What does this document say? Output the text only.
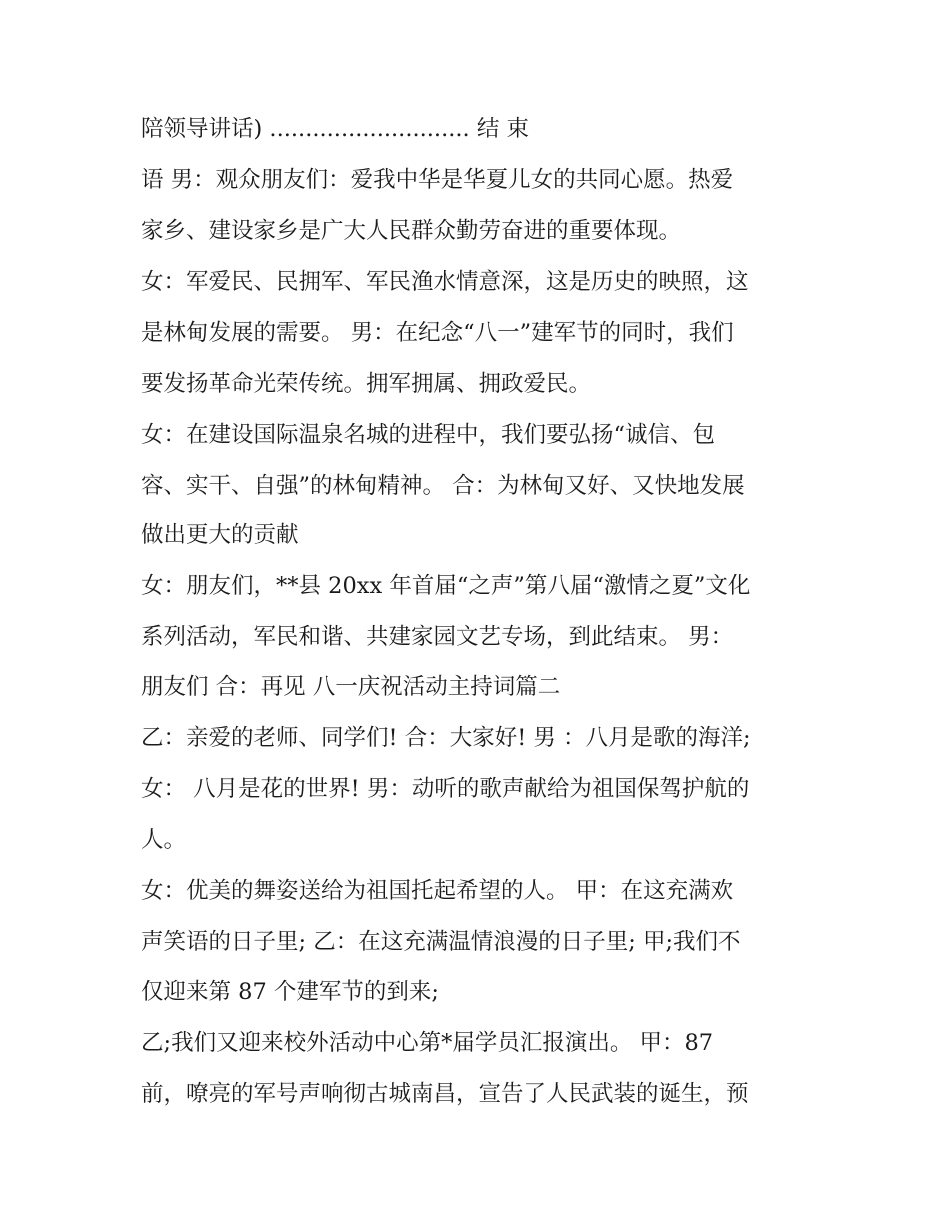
陪领导讲话) ............................ 结 束
语 男：观众朋友们：爱我中华是华夏儿女的共同心愿。热爱
家乡、建设家乡是广大人民群众勤劳奋进的重要体现。
女：军爱民、民拥军、军民渔水情意深，这是历史的映照，这
是林甸发展的需要。 男：在纪念“八一”建军节的同时，我们
要发扬革命光荣传统。拥军拥属、拥政爱民。
女：在建设国际温泉名城的进程中，我们要弘扬“诚信、包
容、实干、自强”的林甸精神。 合：为林甸又好、又快地发展
做出更大的贡献
女：朋友们，**县 20xx 年首届“之声”第八届“激情之夏”文化
系列活动，军民和谐、共建家园文艺专场，到此结束。 男：
朋友们 合：再见 八一庆祝活动主持词篇二
乙：亲爱的老师、同学们! 合：大家好! 男 ：八月是歌的海洋;
女： 八月是花的世界! 男：动听的歌声献给为祖国保驾护航的
人。
女：优美的舞姿送给为祖国托起希望的人。 甲：在这充满欢
声笑语的日子里; 乙：在这充满温情浪漫的日子里; 甲;我们不
仅迎来第 87 个建军节的到来;
乙;我们又迎来校外活动中心第*届学员汇报演出。 甲：87
前，嘹亮的军号声响彻古城南昌，宣告了人民武装的诞生，预
